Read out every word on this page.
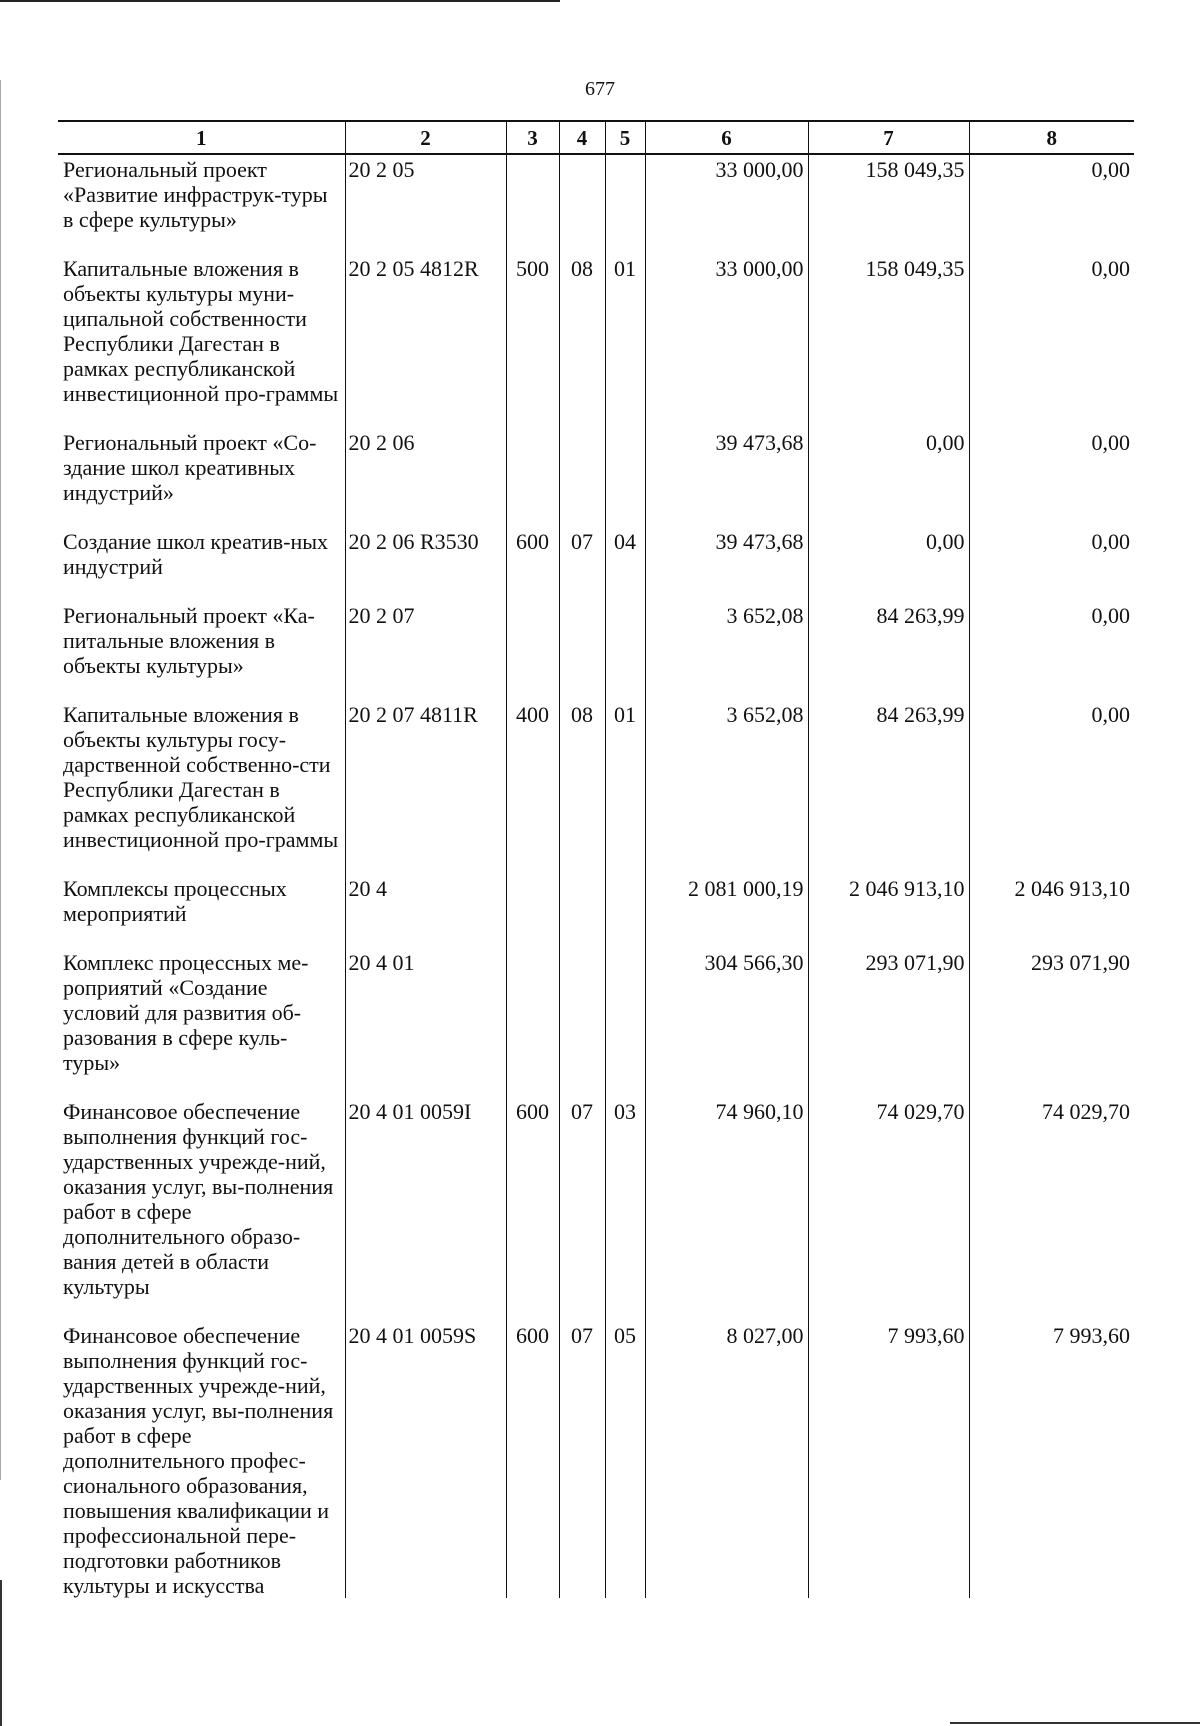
677
1	2	3	4	5	6	7	8
Региональный проект «Развитие инфраструк-туры в сфере культуры»	20 2 05				33 000,00	158 049,35	0,00
Капитальные вложения в объекты культуры муни-ципальной собственности Республики Дагестан в рамках республиканской инвестиционной про-граммы	20 2 05 4812R	500	08	01	33 000,00	158 049,35	0,00
Региональный проект «Со-здание школ креативных индустрий»	20 2 06				39 473,68	0,00	0,00
Создание школ креатив-ных индустрий	20 2 06 R3530	600	07	04	39 473,68	0,00	0,00
Региональный проект «Ка-питальные вложения в объекты культуры»	20 2 07				3 652,08	84 263,99	0,00
Капитальные вложения в объекты культуры госу-дарственной собственно-сти Республики Дагестан в рамках республиканской инвестиционной про-граммы	20 2 07 4811R	400	08	01	3 652,08	84 263,99	0,00
Комплексы процессных мероприятий	20 4				2 081 000,19	2 046 913,10	2 046 913,10
Комплекс процессных ме-роприятий «Создание условий для развития об-разования в сфере куль-туры»	20 4 01				304 566,30	293 071,90	293 071,90
Финансовое обеспечение выполнения функций гос-ударственных учрежде-ний, оказания услуг, вы-полнения работ в сфере дополнительного образо-вания детей в области культуры	20 4 01 0059I	600	07	03	74 960,10	74 029,70	74 029,70
Финансовое обеспечение выполнения функций гос-ударственных учрежде-ний, оказания услуг, вы-полнения работ в сфере дополнительного профес-сионального образования, повышения квалификации и профессиональной пере-подготовки работников культуры и искусства	20 4 01 0059S	600	07	05	8 027,00	7 993,60	7 993,60
